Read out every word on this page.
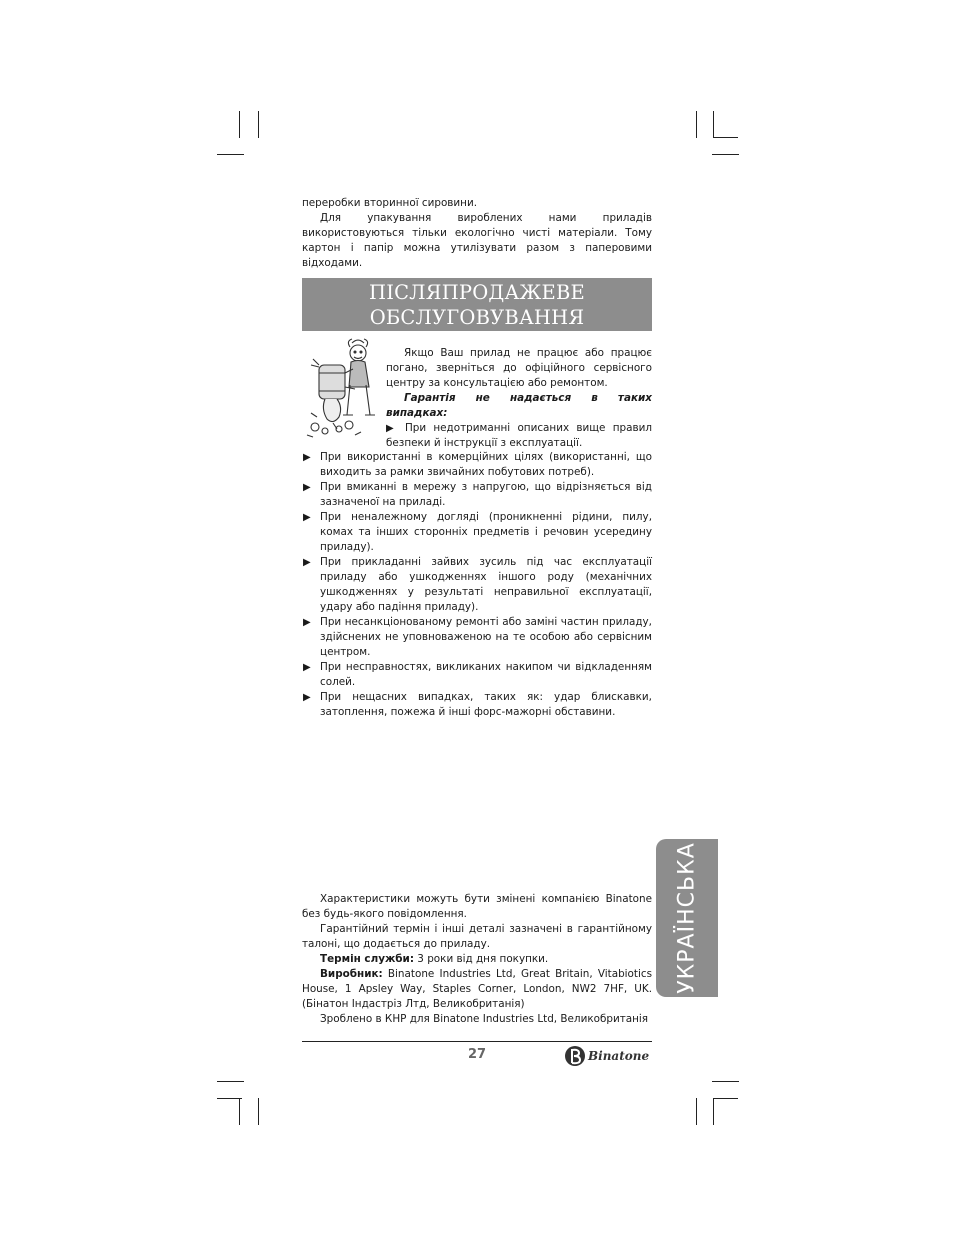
переробки вторинної сировини.

Для упакування вироблених нами приладів використовуються тільки екологічно чисті матеріали. Тому картон і папір можна утилізувати разом з паперовими відходами.

ПІСЛЯПРОДАЖЕВЕ
ОБСЛУГОВУВАННЯ

Якщо Ваш прилад не працює або працює погано, зверніться до офіційного сервісного центру за консультацією або ремонтом.

Гарантія не надається в таких випадках:

▶ При недотриманні описаних вище правил безпеки й інструкції з експлуатації.

▶ При використанні в комерційних цілях (використанні, що виходить за рамки звичайних побутових потреб).
▶ При вмиканні в мережу з напругою, що відрізняється від зазначеної на приладі.
▶ При неналежному догляді (проникненні рідини, пилу, комах та інших сторонніх предметів і речовин усередину приладу).
▶ При прикладанні зайвих зусиль під час експлуатації приладу або ушкодженнях іншого роду (механічних ушкодженнях у результаті неправильної експлуатації, удару або падіння приладу).
▶ При несанкціонованому ремонті або заміні частин приладу, здійснених не уповноваженою на те особою або сервісним центром.
▶ При несправностях, викликаних накипом чи відкладенням солей.
▶ При нещасних випадках, таких як: удар блискавки, затоплення, пожежа й інші форс-мажорні обставини.
УКРАЇНСЬКА

Характеристики можуть бути змінені компанією Binatone без будь-якого повідомлення.

Гарантійний термін і інші деталі зазначені в гарантійному талоні, що додається до приладу.

Термін служби: 3 роки від дня покупки.

Виробник: Binatone Industries Ltd, Great Britain, Vitabiotics House, 1 Apsley Way, Staples Corner, London, NW2 7HF, UK. (Бінатон Індастріз Лтд, Великобританія)

Зроблено в КНР для Binatone Industries Ltd, Великобританія

27	Binatone
